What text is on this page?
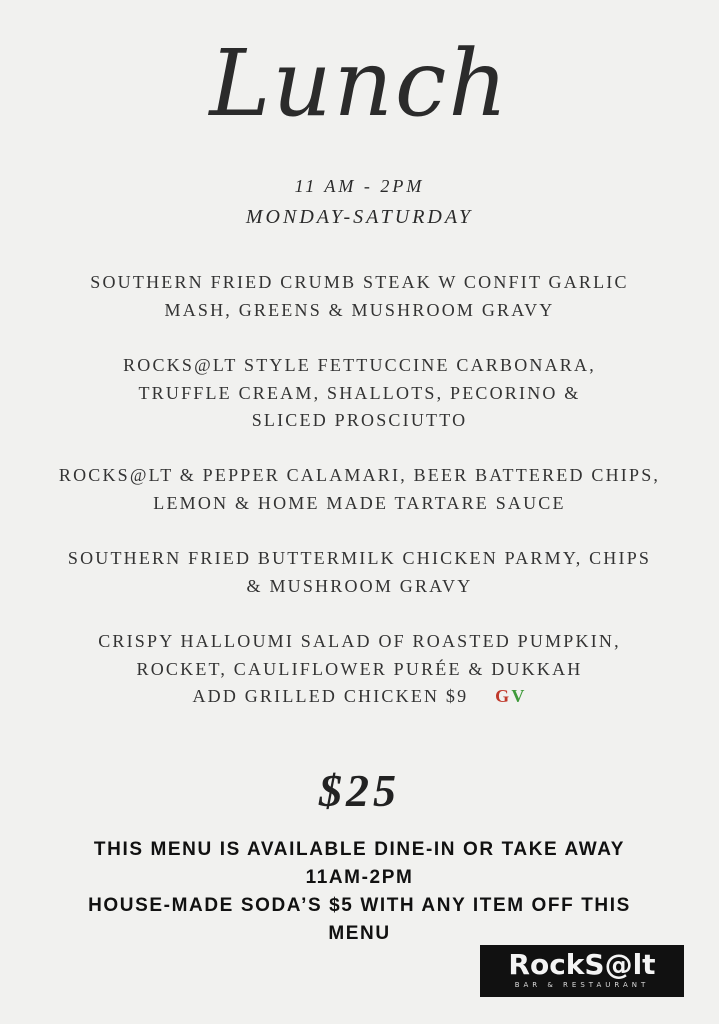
Lunch
11 AM - 2PM
MONDAY-SATURDAY
SOUTHERN FRIED CRUMB STEAK W CONFIT GARLIC
MASH, GREENS & MUSHROOM GRAVY
ROCKS@LT STYLE FETTUCCINE CARBONARA,
TRUFFLE CREAM, SHALLOTS, PECORINO &
SLICED PROSCIUTTO
ROCKS@LT & PEPPER CALAMARI, BEER BATTERED CHIPS,
LEMON & HOME MADE TARTARE SAUCE
SOUTHERN FRIED BUTTERMILK CHICKEN PARMY, CHIPS
& MUSHROOM GRAVY
CRISPY HALLOUMI SALAD OF ROASTED PUMPKIN,
ROCKET, CAULIFLOWER PURÉE & DUKKAH
ADD GRILLED CHICKEN $9 GV
$25
THIS MENU IS AVAILABLE DINE-IN OR TAKE AWAY
11AM-2PM
HOUSE-MADE SODA’S $5 WITH ANY ITEM OFF THIS
MENU
RockS@lt
BAR & RESTAURANT
